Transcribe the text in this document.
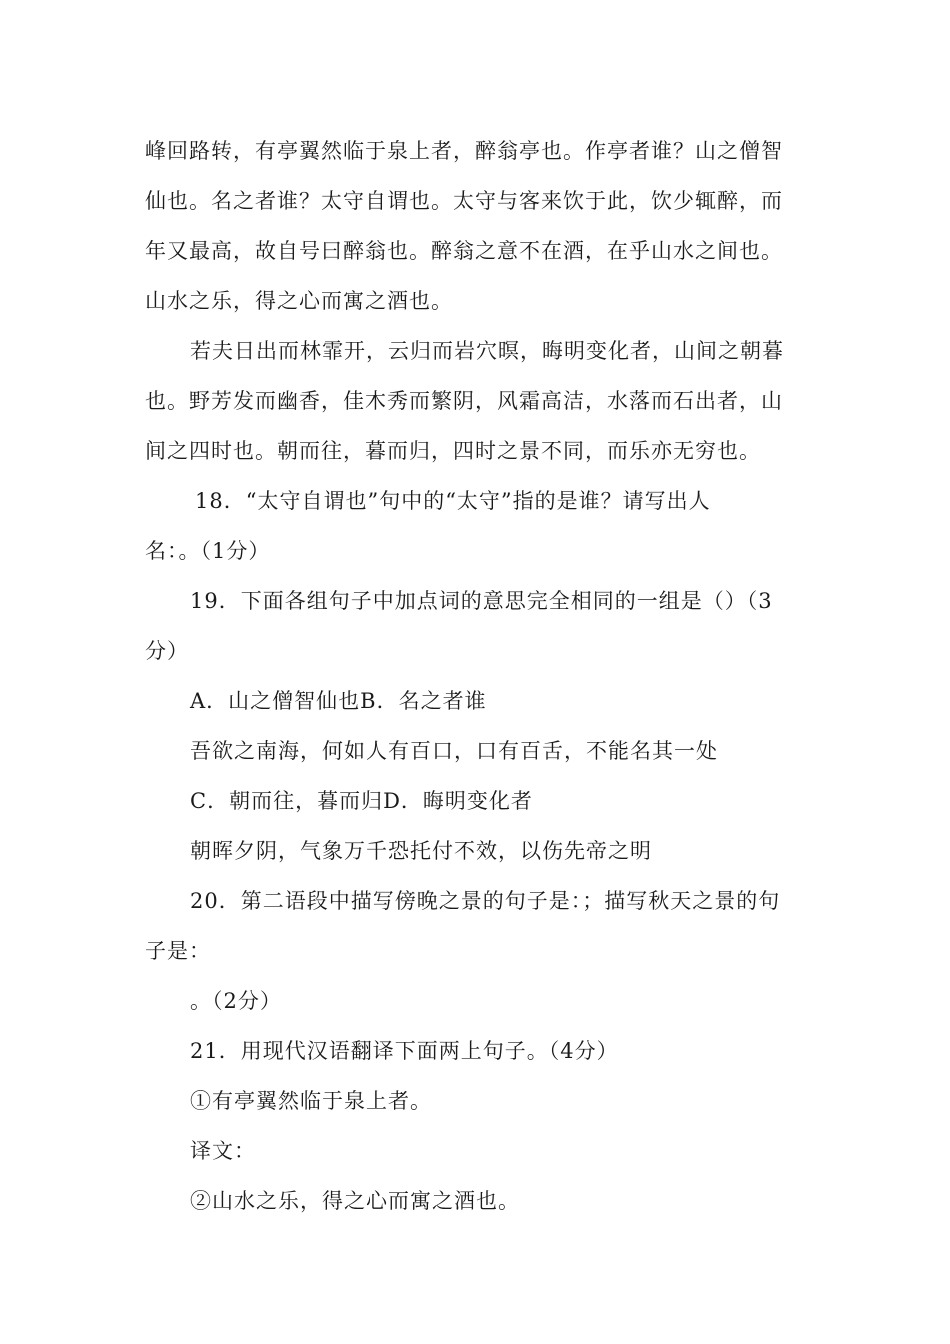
峰回路转，有亭翼然临于泉上者，醉翁亭也。作亭者谁？山之僧智
仙也。名之者谁？太守自谓也。太守与客来饮于此，饮少辄醉，而
年又最高，故自号曰醉翁也。醉翁之意不在酒，在乎山水之间也。
山水之乐，得之心而寓之酒也。
若夫日出而林霏开，云归而岩穴暝，晦明变化者，山间之朝暮
也。野芳发而幽香，佳木秀而繁阴，风霜高洁，水落而石出者，山
间之四时也。朝而往，暮而归，四时之景不同，而乐亦无穷也。
18．“太守自谓也”句中的“太守”指的是谁？请写出人
名：。（1分）
19．下面各组句子中加点词的意思完全相同的一组是（）（3
分）
A．山之僧智仙也B．名之者谁
吾欲之南海，何如人有百口，口有百舌，不能名其一处
C．朝而往，暮而归D．晦明变化者
朝晖夕阴，气象万千恐托付不效，以伤先帝之明
20．第二语段中描写傍晚之景的句子是：；描写秋天之景的句
子是：
。（2分）
21．用现代汉语翻译下面两上句子。（4分）
①有亭翼然临于泉上者。
译文：
②山水之乐，得之心而寓之酒也。
